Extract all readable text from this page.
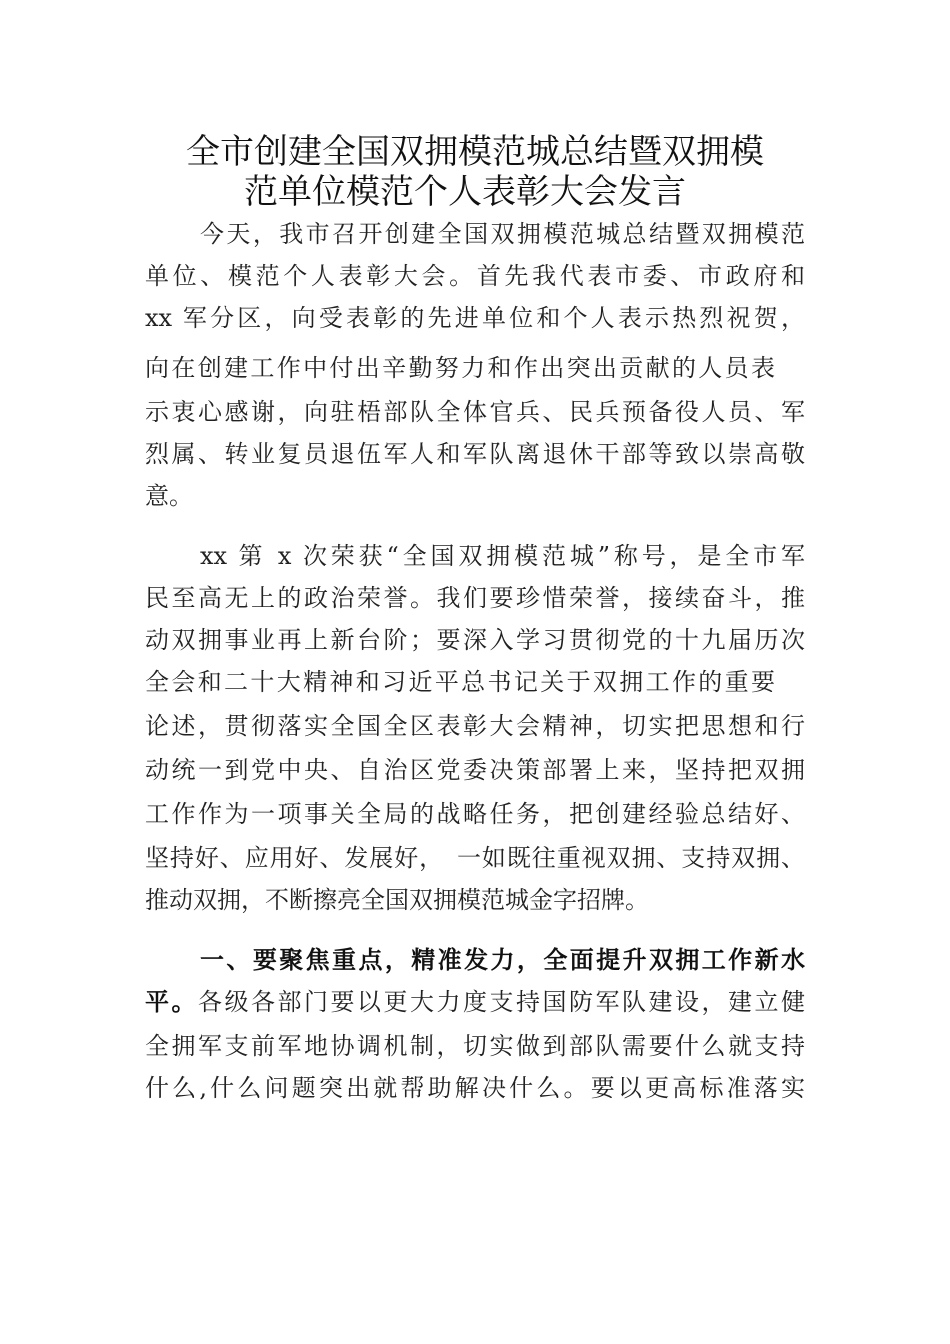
全市创建全国双拥模范城总结暨双拥模
范单位模范个人表彰大会发言
今天，我市召开创建全国双拥模范城总结暨双拥模范
单位、模范个人表彰大会。首先我代表市委、市政府和
xx 军分区，向受表彰的先进单位和个人表示热烈祝贺，
向在创建工作中付出辛勤努力和作出突出贡献的人员表
示衷心感谢，向驻梧部队全体官兵、民兵预备役人员、军
烈属、转业复员退伍军人和军队离退休干部等致以崇高敬
意。
xx 第 x 次荣获“全国双拥模范城”称号，是全市军
民至高无上的政治荣誉。我们要珍惜荣誉，接续奋斗，推
动双拥事业再上新台阶；要深入学习贯彻党的十九届历次
全会和二十大精神和习近平总书记关于双拥工作的重要
论述，贯彻落实全国全区表彰大会精神，切实把思想和行
动统一到党中央、自治区党委决策部署上来，坚持把双拥
工作作为一项事关全局的战略任务，把创建经验总结好、
坚持好、应用好、发展好，　一如既往重视双拥、支持双拥、
推动双拥，不断擦亮全国双拥模范城金字招牌。
一、要聚焦重点，精准发力，全面提升双拥工作新水
平。各级各部门要以更大力度支持国防军队建设，建立健
全拥军支前军地协调机制，切实做到部队需要什么就支持
什么,什么问题突出就帮助解决什么。要以更高标准落实
